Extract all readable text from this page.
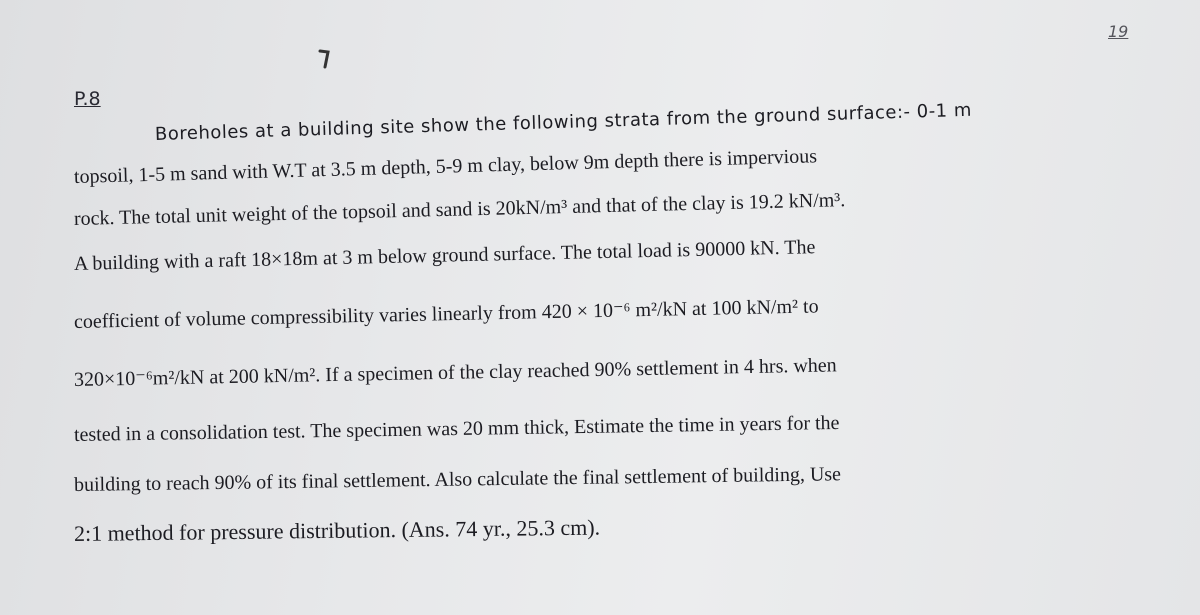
19
P.8
Boreholes at a building site show the following strata from the ground surface:- 0-1 m
topsoil, 1-5 m sand with W.T at 3.5 m depth, 5-9 m clay, below 9m depth there is impervious
rock. The total unit weight of the topsoil and sand is 20kN/m³ and that of the clay is 19.2 kN/m³.
A building with a raft 18×18m at 3 m below ground surface. The total load is 90000 kN. The
coefficient of volume compressibility varies linearly from 420 × 10⁻⁶ m²/kN at 100 kN/m² to
320×10⁻⁶m²/kN at 200 kN/m². If a specimen of the clay reached 90% settlement in 4 hrs. when
tested in a consolidation test. The specimen was 20 mm thick, Estimate the time in years for the
building to reach 90% of its final settlement. Also calculate the final settlement of building, Use
2:1 method for pressure distribution. (Ans. 74 yr., 25.3 cm).
